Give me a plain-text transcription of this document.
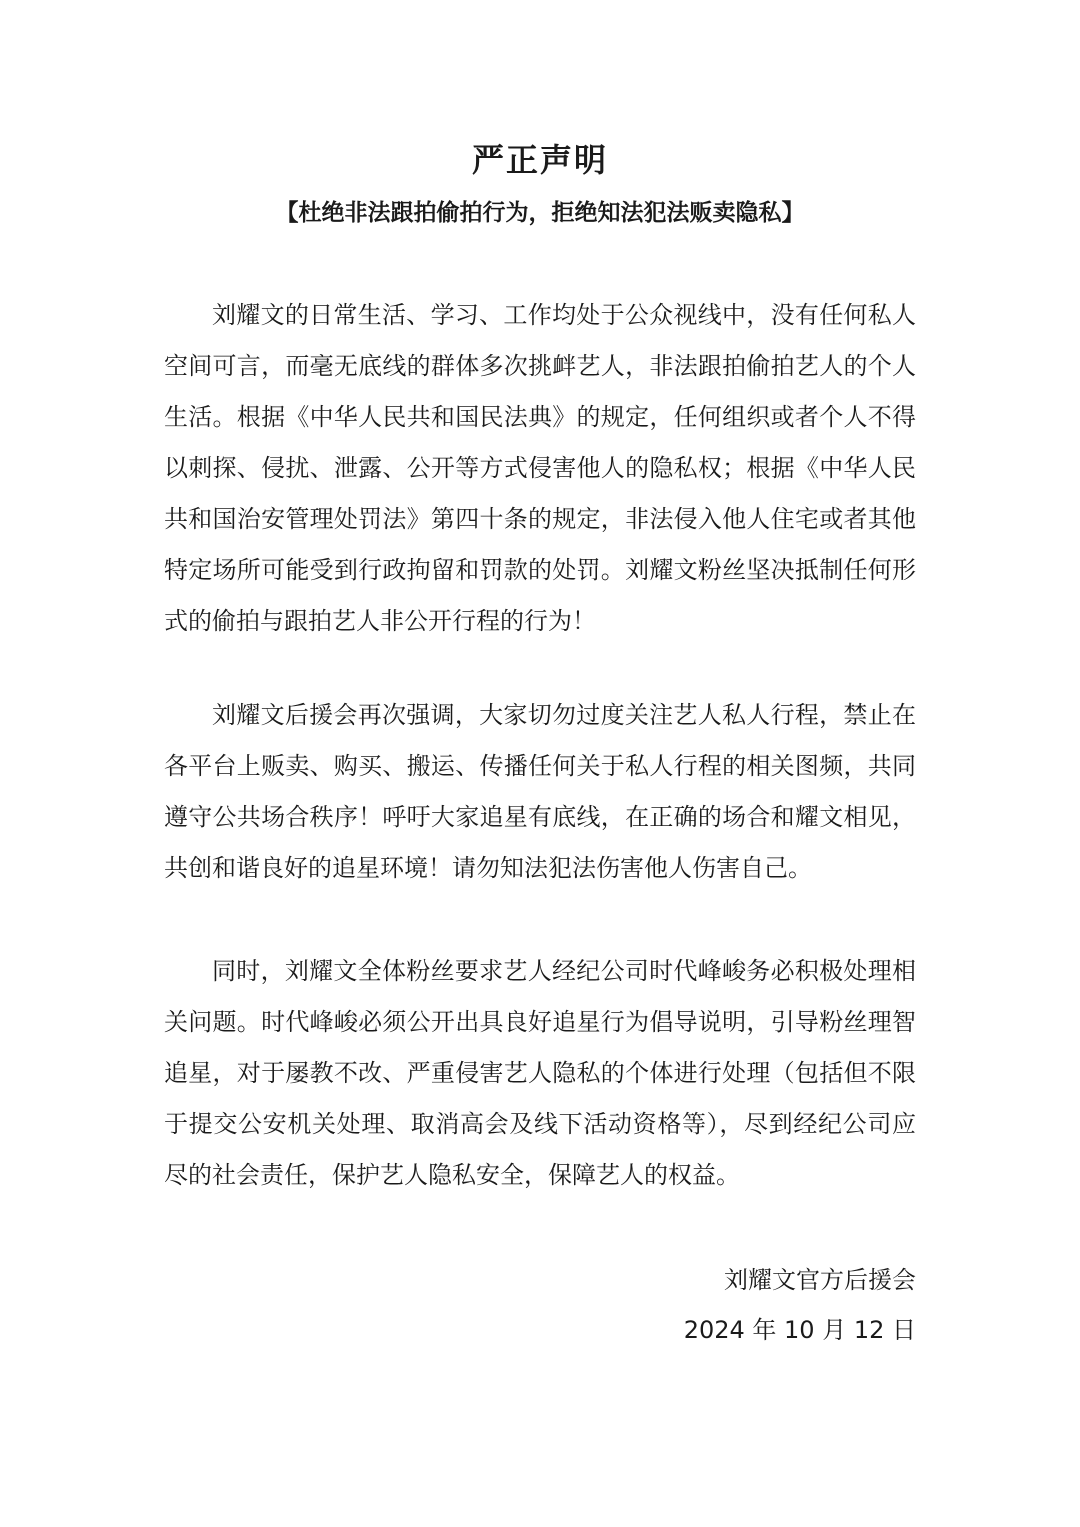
严正声明
【杜绝非法跟拍偷拍行为，拒绝知法犯法贩卖隐私】

刘耀文的日常生活、学习、工作均处于公众视线中，没有任何私人空间可言，而毫无底线的群体多次挑衅艺人，非法跟拍偷拍艺人的个人生活。根据《中华人民共和国民法典》的规定，任何组织或者个人不得以刺探、侵扰、泄露、公开等方式侵害他人的隐私权；根据《中华人民共和国治安管理处罚法》第四十条的规定，非法侵入他人住宅或者其他特定场所可能受到行政拘留和罚款的处罚。刘耀文粉丝坚决抵制任何形式的偷拍与跟拍艺人非公开行程的行为！

刘耀文后援会再次强调，大家切勿过度关注艺人私人行程，禁止在各平台上贩卖、购买、搬运、传播任何关于私人行程的相关图频，共同遵守公共场合秩序！呼吁大家追星有底线，在正确的场合和耀文相见，共创和谐良好的追星环境！请勿知法犯法伤害他人伤害自己。

同时，刘耀文全体粉丝要求艺人经纪公司时代峰峻务必积极处理相关问题。时代峰峻必须公开出具良好追星行为倡导说明，引导粉丝理智追星，对于屡教不改、严重侵害艺人隐私的个体进行处理（包括但不限于提交公安机关处理、取消高会及线下活动资格等），尽到经纪公司应尽的社会责任，保护艺人隐私安全，保障艺人的权益。

刘耀文官方后援会
2024 年 10 月 12 日
